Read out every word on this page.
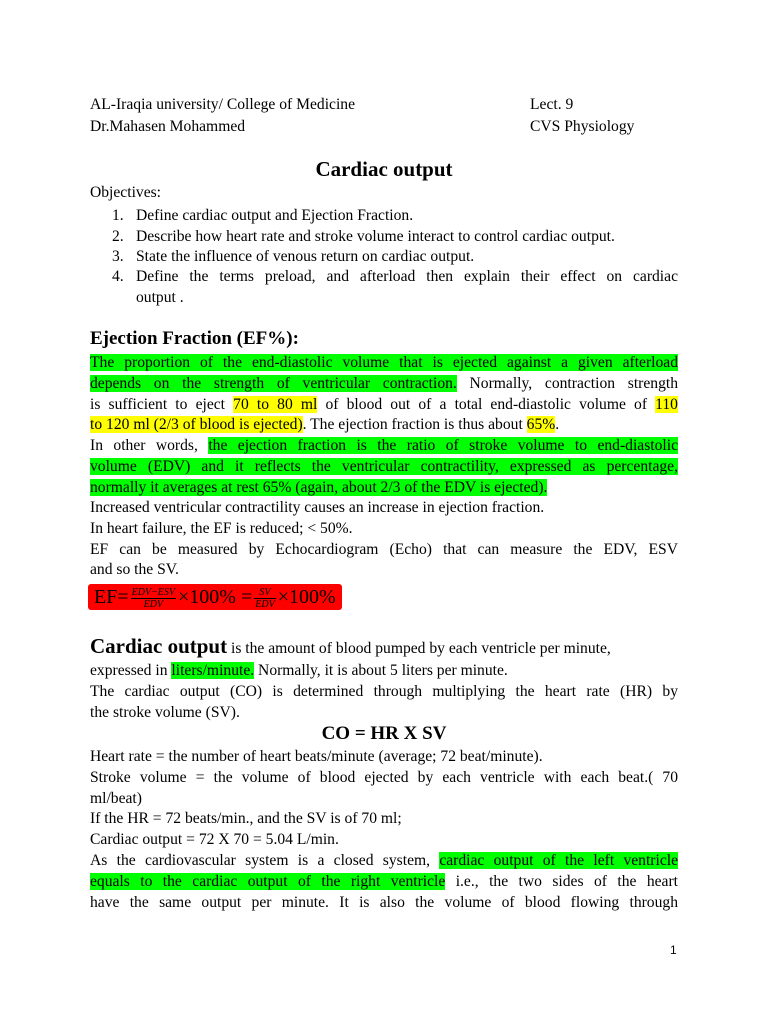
AL-Iraqia university/ College of Medicine	Lect. 9
Dr.Mahasen Mohammed	CVS Physiology
Cardiac output
Objectives:
1. Define cardiac output and Ejection Fraction.
2. Describe how heart rate and stroke volume interact to control cardiac output.
3. State the influence of venous return on cardiac output.
4. Define the terms preload, and afterload then explain their effect on cardiac
output .
Ejection Fraction (EF%):
The proportion of the end-diastolic volume that is ejected against a given afterload
depends on the strength of ventricular contraction. Normally, contraction strength
is sufficient to eject 70 to 80 ml of blood out of a total end-diastolic volume of 110
to 120 ml (2/3 of blood is ejected). The ejection fraction is thus about 65%.
In other words, the ejection fraction is the ratio of stroke volume to end-diastolic
volume (EDV) and it reflects the ventricular contractility, expressed as percentage,
normally it averages at rest 65% (again, about 2/3 of the EDV is ejected).
Increased ventricular contractility causes an increase in ejection fraction.
In heart failure, the EF is reduced; < 50%.
EF can be measured by Echocardiogram (Echo) that can measure the EDV, ESV
and so the SV.
$EF= \frac{\text{EDV−ESV}}{\text{EDV}} \times 100\% = \frac{SV}{\text{EDV}} \times 100\%$
Cardiac output is the amount of blood pumped by each ventricle per minute,
expressed in liters/minute. Normally, it is about 5 liters per minute.
The cardiac output (CO) is determined through multiplying the heart rate (HR) by
the stroke volume (SV).
CO = HR X SV
Heart rate = the number of heart beats/minute (average; 72 beat/minute).
Stroke volume = the volume of blood ejected by each ventricle with each beat.( 70
ml/beat)
If the HR = 72 beats/min., and the SV is of 70 ml;
Cardiac output = 72 X 70 = 5.04 L/min.
As the cardiovascular system is a closed system, cardiac output of the left ventricle
equals to the cardiac output of the right ventricle i.e., the two sides of the heart
have the same output per minute. It is also the volume of blood flowing through
1
